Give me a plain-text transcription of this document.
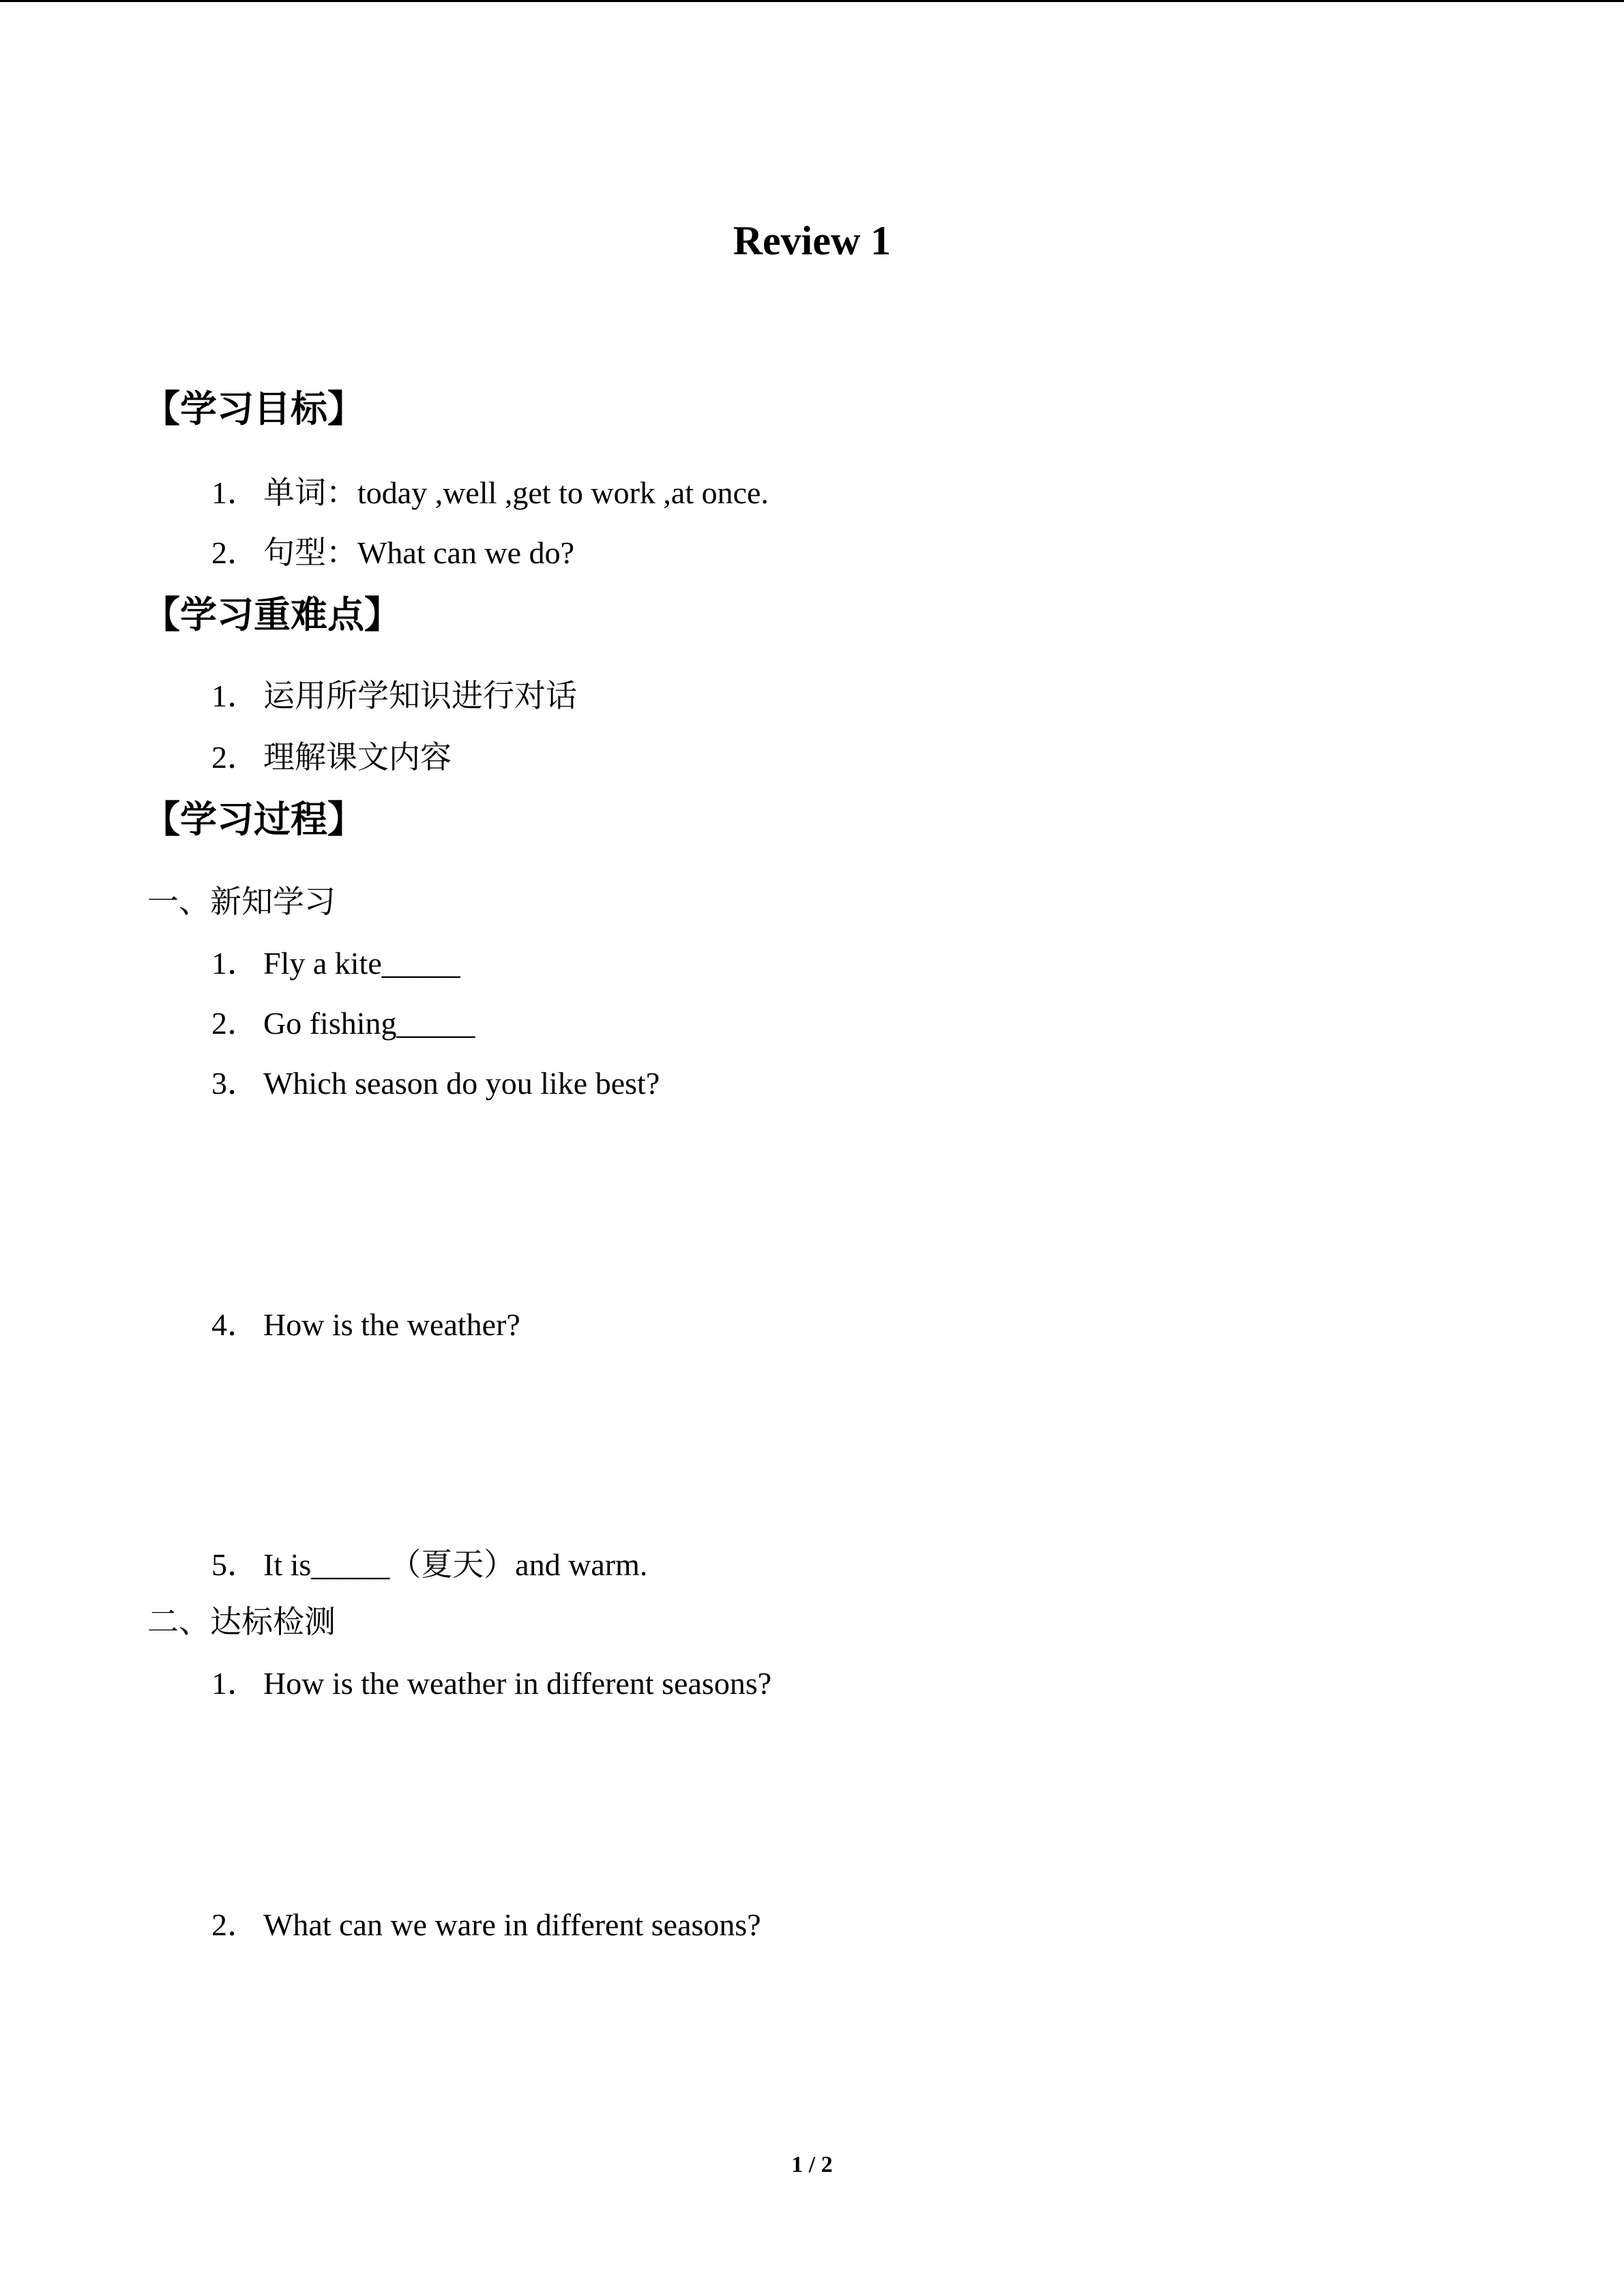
Review 1
【学习目标】
1． 单词：today ,well ,get to work ,at once.
2． 句型：What can we do?
【学习重难点】
1． 运用所学知识进行对话
2． 理解课文内容
【学习过程】
一、新知学习
1． Fly a kite_____
2． Go fishing_____
3． Which season do you like best?
4． How is the weather?
5． It is_____（夏天）and warm.
二、达标检测
1． How is the weather in different seasons?
2． What can we ware in different seasons?
1 / 2
